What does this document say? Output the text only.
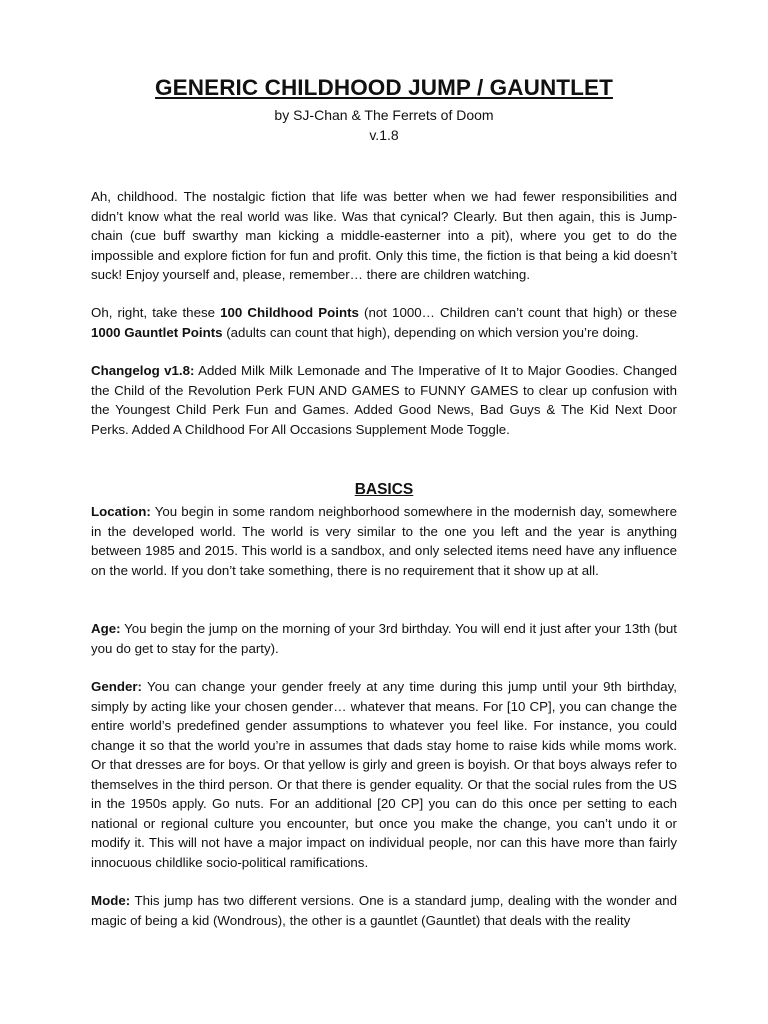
GENERIC CHILDHOOD JUMP / GAUNTLET
by SJ-Chan & The Ferrets of Doom
v.1.8

Ah, childhood. The nostalgic fiction that life was better when we had fewer responsibilities and didn’t know what the real world was like. Was that cynical? Clearly. But then again, this is Jump-chain (cue buff swarthy man kicking a middle-easterner into a pit), where you get to do the impossible and explore fiction for fun and profit. Only this time, the fiction is that being a kid doesn’t suck! Enjoy yourself and, please, remember… there are children watching.

Oh, right, take these 100 Childhood Points (not 1000… Children can’t count that high) or these 1000 Gauntlet Points (adults can count that high), depending on which version you’re doing.

Changelog v1.8: Added Milk Milk Lemonade and The Imperative of It to Major Goodies. Changed the Child of the Revolution Perk FUN AND GAMES to FUNNY GAMES to clear up confusion with the Youngest Child Perk Fun and Games. Added Good News, Bad Guys & The Kid Next Door Perks. Added A Childhood For All Occasions Supplement Mode Toggle.

BASICS

Location: You begin in some random neighborhood somewhere in the modernish day, somewhere in the developed world. The world is very similar to the one you left and the year is anything between 1985 and 2015. This world is a sandbox, and only selected items need have any influence on the world. If you don’t take something, there is no requirement that it show up at all.

Age: You begin the jump on the morning of your 3rd birthday. You will end it just after your 13th (but you do get to stay for the party).

Gender: You can change your gender freely at any time during this jump until your 9th birthday, simply by acting like your chosen gender… whatever that means. For [10 CP], you can change the entire world’s predefined gender assumptions to whatever you feel like. For instance, you could change it so that the world you’re in assumes that dads stay home to raise kids while moms work. Or that dresses are for boys. Or that yellow is girly and green is boyish. Or that boys always refer to themselves in the third person. Or that there is gender equality. Or that the social rules from the US in the 1950s apply. Go nuts. For an additional [20 CP] you can do this once per setting to each national or regional culture you encounter, but once you make the change, you can’t undo it or modify it. This will not have a major impact on individual people, nor can this have more than fairly innocuous childlike socio-political ramifications.

Mode: This jump has two different versions. One is a standard jump, dealing with the wonder and magic of being a kid (Wondrous), the other is a gauntlet (Gauntlet) that deals with the reality
